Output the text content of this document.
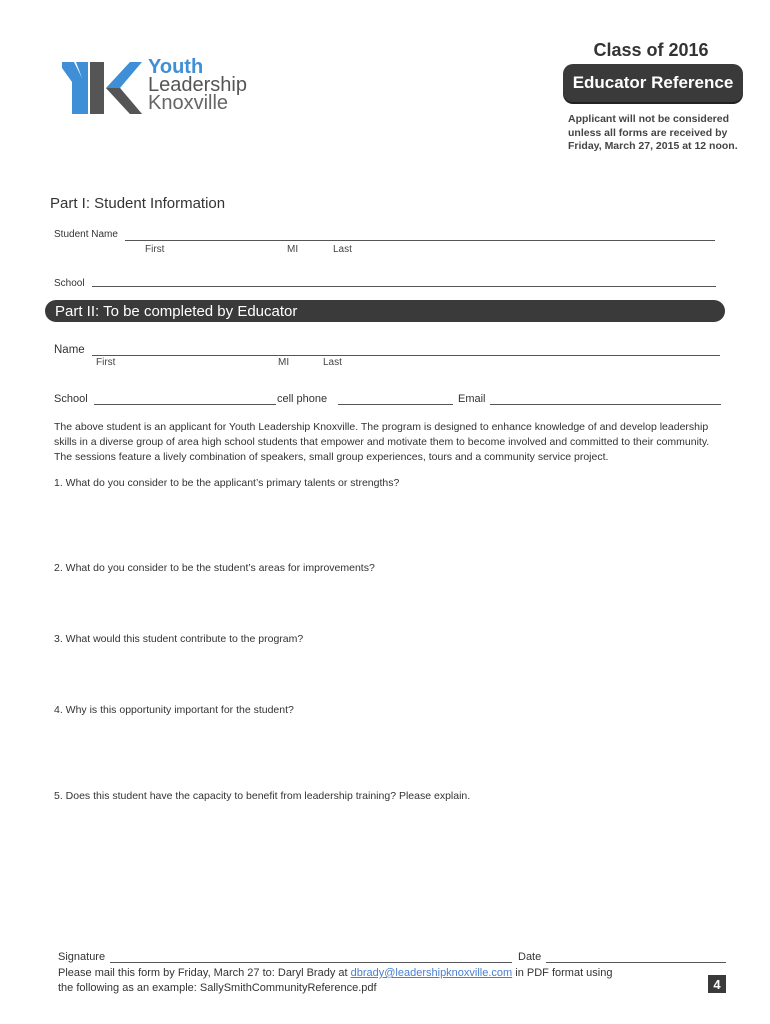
Youth
Leadership
Knoxville
Class of 2016
Educator Reference
Applicant will not be considered unless all forms are received by Friday, March 27, 2015 at 12 noon.
Part I: Student Information
Student Name
First	MI	Last
School
Part II: To be completed by Educator
Name
First	MI	Last
School	cell phone	Email
The above student is an applicant for Youth Leadership Knoxville. The program is designed to enhance knowledge of and develop leadership skills in a diverse group of area high school students that empower and motivate them to become involved and committed to their community. The sessions feature a lively combination of speakers, small group experiences, tours and a community service project.
1. What do you consider to be the applicant’s primary talents or strengths?
2. What do you consider to be the student’s areas for improvements?
3. What would this student contribute to the program?
4. Why is this opportunity important for the student?
5. Does this student have the capacity to benefit from leadership training? Please explain.
Signature	Date
Please mail this form by Friday, March 27 to: Daryl Brady at dbrady@leadershipknoxville.com in PDF format using
the following as an example: SallySmithCommunityReference.pdf	4
